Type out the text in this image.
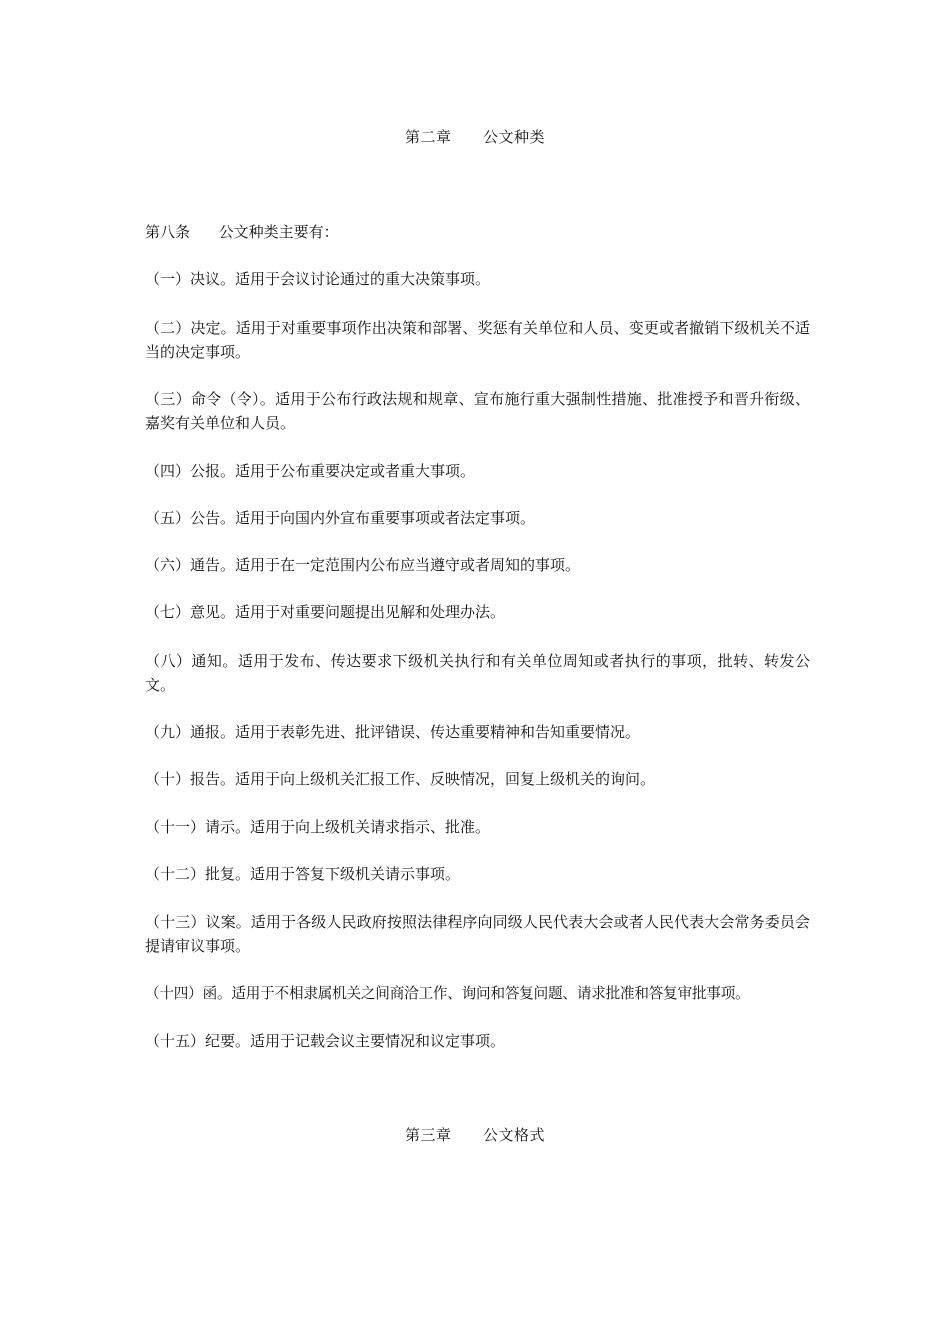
第二章      公文种类
第八条      公文种类主要有：
（一）决议。适用于会议讨论通过的重大决策事项。
（二）决定。适用于对重要事项作出决策和部署、奖惩有关单位和人员、变更或者撤销下级机关不适当的决定事项。
（三）命令（令）。适用于公布行政法规和规章、宣布施行重大强制性措施、批准授予和晋升衔级、嘉奖有关单位和人员。
（四）公报。适用于公布重要决定或者重大事项。
（五）公告。适用于向国内外宣布重要事项或者法定事项。
（六）通告。适用于在一定范围内公布应当遵守或者周知的事项。
（七）意见。适用于对重要问题提出见解和处理办法。
（八）通知。适用于发布、传达要求下级机关执行和有关单位周知或者执行的事项，批转、转发公文。
（九）通报。适用于表彰先进、批评错误、传达重要精神和告知重要情况。
（十）报告。适用于向上级机关汇报工作、反映情况，回复上级机关的询问。
（十一）请示。适用于向上级机关请求指示、批准。
（十二）批复。适用于答复下级机关请示事项。
（十三）议案。适用于各级人民政府按照法律程序向同级人民代表大会或者人民代表大会常务委员会提请审议事项。
（十四）函。适用于不相隶属机关之间商洽工作、询问和答复问题、请求批准和答复审批事项。
（十五）纪要。适用于记载会议主要情况和议定事项。
第三章      公文格式
